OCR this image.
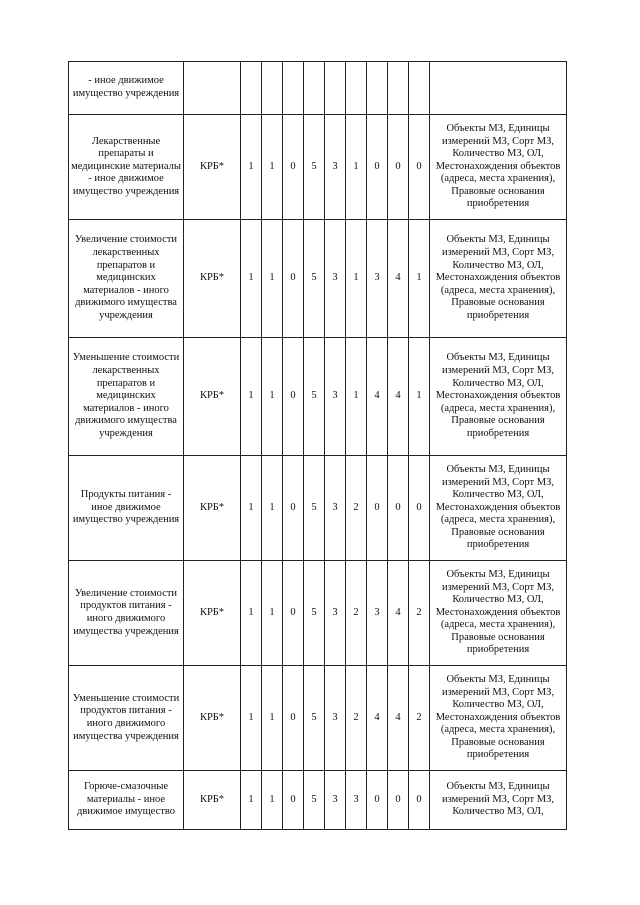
- иное движимое имущество учреждения											
Лекарственные препараты и медицинские материалы - иное движимое имущество учреждения	КРБ*	1	1	0	5	3	1	0	0	0	Объекты МЗ, Единицы измерений МЗ, Сорт МЗ, Количество МЗ, ОЛ, Местонахождения объектов (адреса, места хранения), Правовые основания приобретения
Увеличение стоимости лекарственных препаратов и медицинских материалов - иного движимого имущества учреждения	КРБ*	1	1	0	5	3	1	3	4	1	Объекты МЗ, Единицы измерений МЗ, Сорт МЗ, Количество МЗ, ОЛ, Местонахождения объектов (адреса, места хранения), Правовые основания приобретения
Уменьшение стоимости лекарственных препаратов и медицинских материалов - иного движимого имущества учреждения	КРБ*	1	1	0	5	3	1	4	4	1	Объекты МЗ, Единицы измерений МЗ, Сорт МЗ, Количество МЗ, ОЛ, Местонахождения объектов (адреса, места хранения), Правовые основания приобретения
Продукты питания - иное движимое имущество учреждения	КРБ*	1	1	0	5	3	2	0	0	0	Объекты МЗ, Единицы измерений МЗ, Сорт МЗ, Количество МЗ, ОЛ, Местонахождения объектов (адреса, места хранения), Правовые основания приобретения
Увеличение стоимости продуктов питания - иного движимого имущества учреждения	КРБ*	1	1	0	5	3	2	3	4	2	Объекты МЗ, Единицы измерений МЗ, Сорт МЗ, Количество МЗ, ОЛ, Местонахождения объектов (адреса, места хранения), Правовые основания приобретения
Уменьшение стоимости продуктов питания - иного движимого имущества учреждения	КРБ*	1	1	0	5	3	2	4	4	2	Объекты МЗ, Единицы измерений МЗ, Сорт МЗ, Количество МЗ, ОЛ, Местонахождения объектов (адреса, места хранения), Правовые основания приобретения
Горюче-смазочные материалы - иное движимое имущество	КРБ*	1	1	0	5	3	3	0	0	0	Объекты МЗ, Единицы измерений МЗ, Сорт МЗ, Количество МЗ, ОЛ,
